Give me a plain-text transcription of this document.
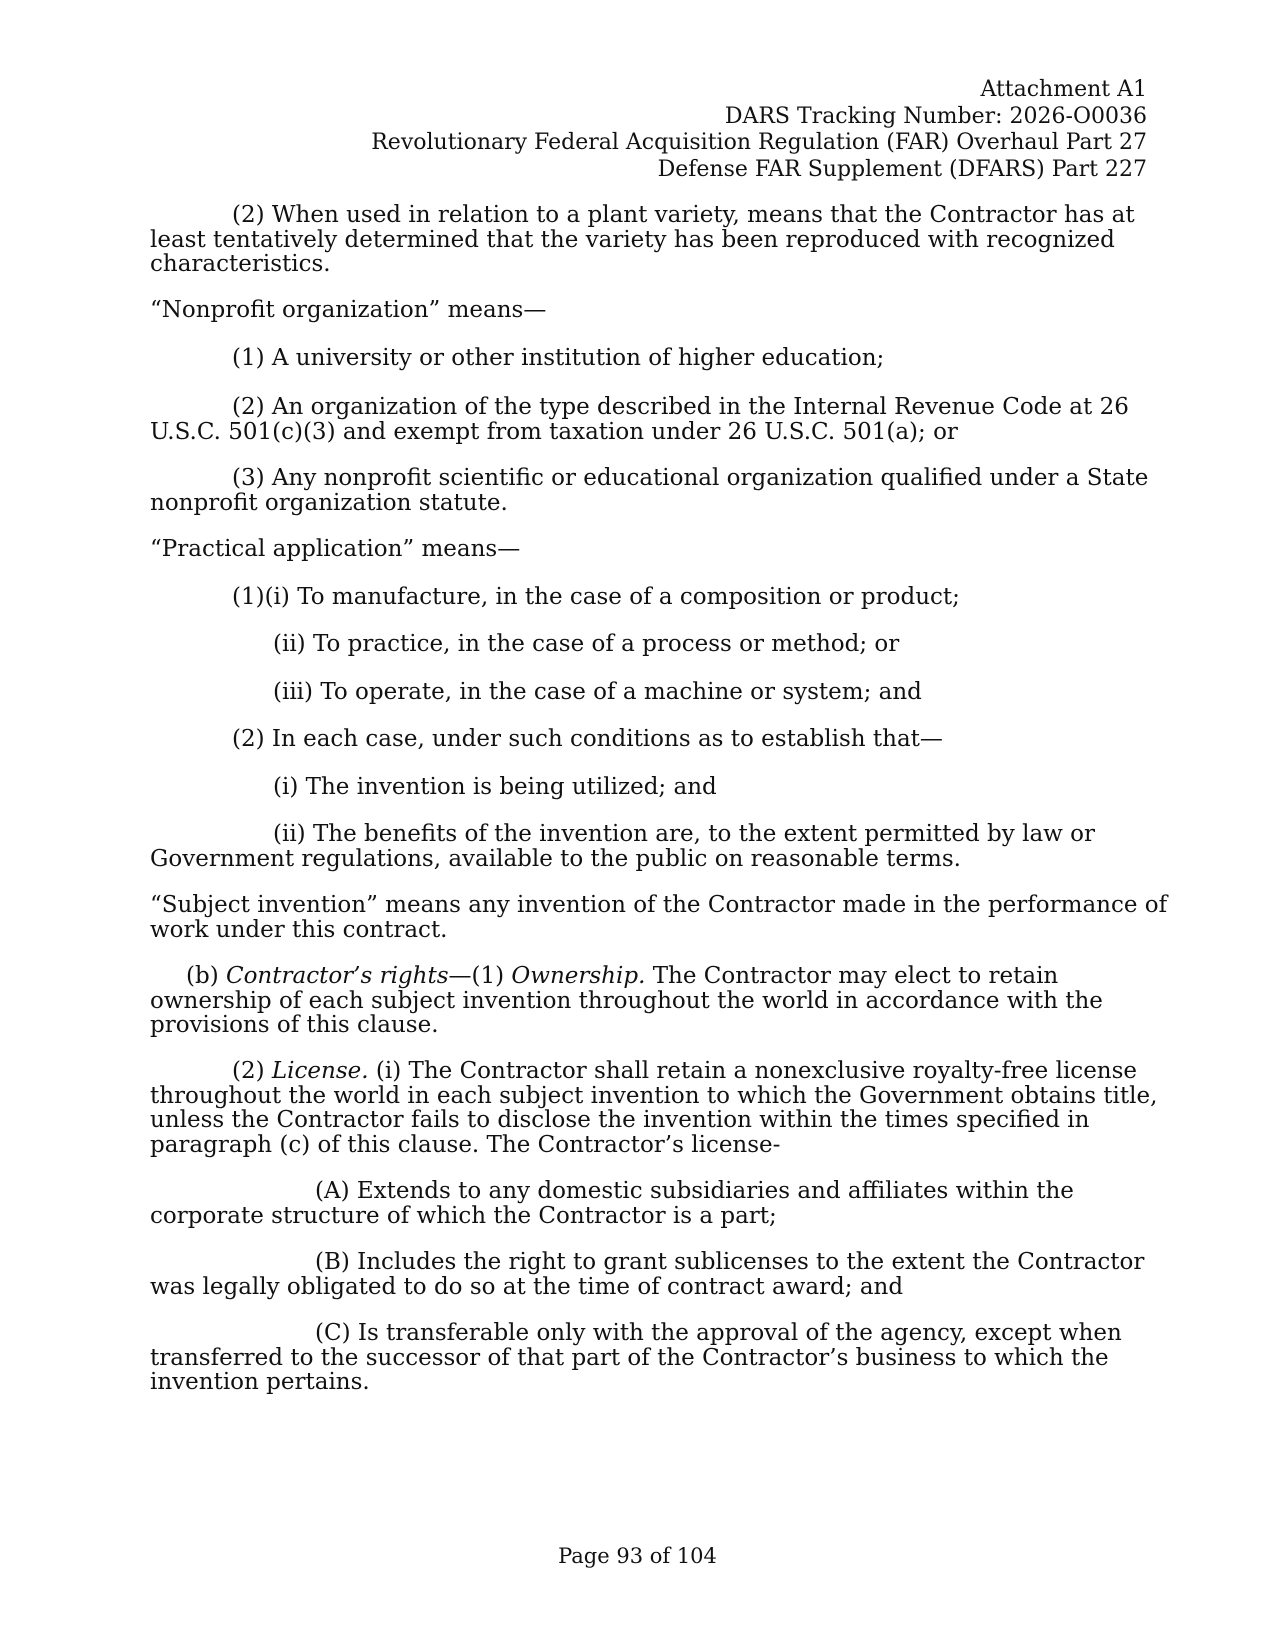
Attachment A1
DARS Tracking Number: 2026-O0036
Revolutionary Federal Acquisition Regulation (FAR) Overhaul Part 27
Defense FAR Supplement (DFARS) Part 227
(2) When used in relation to a plant variety, means that the Contractor has at
least tentatively determined that the variety has been reproduced with recognized
characteristics.
“Nonprofit organization” means—
(1) A university or other institution of higher education;
(2) An organization of the type described in the Internal Revenue Code at 26
U.S.C. 501(c)(3) and exempt from taxation under 26 U.S.C. 501(a); or
(3) Any nonprofit scientific or educational organization qualified under a State
nonprofit organization statute.
“Practical application” means—
(1)(i) To manufacture, in the case of a composition or product;
(ii) To practice, in the case of a process or method; or
(iii) To operate, in the case of a machine or system; and
(2) In each case, under such conditions as to establish that—
(i) The invention is being utilized; and
(ii) The benefits of the invention are, to the extent permitted by law or
Government regulations, available to the public on reasonable terms.
“Subject invention” means any invention of the Contractor made in the performance of
work under this contract.
(b) Contractor’s rights—(1) Ownership. The Contractor may elect to retain
ownership of each subject invention throughout the world in accordance with the
provisions of this clause.
(2) License. (i) The Contractor shall retain a nonexclusive royalty-free license
throughout the world in each subject invention to which the Government obtains title,
unless the Contractor fails to disclose the invention within the times specified in
paragraph (c) of this clause. The Contractor’s license-
(A) Extends to any domestic subsidiaries and affiliates within the
corporate structure of which the Contractor is a part;
(B) Includes the right to grant sublicenses to the extent the Contractor
was legally obligated to do so at the time of contract award; and
(C) Is transferable only with the approval of the agency, except when
transferred to the successor of that part of the Contractor’s business to which the
invention pertains.
Page 93 of 104
